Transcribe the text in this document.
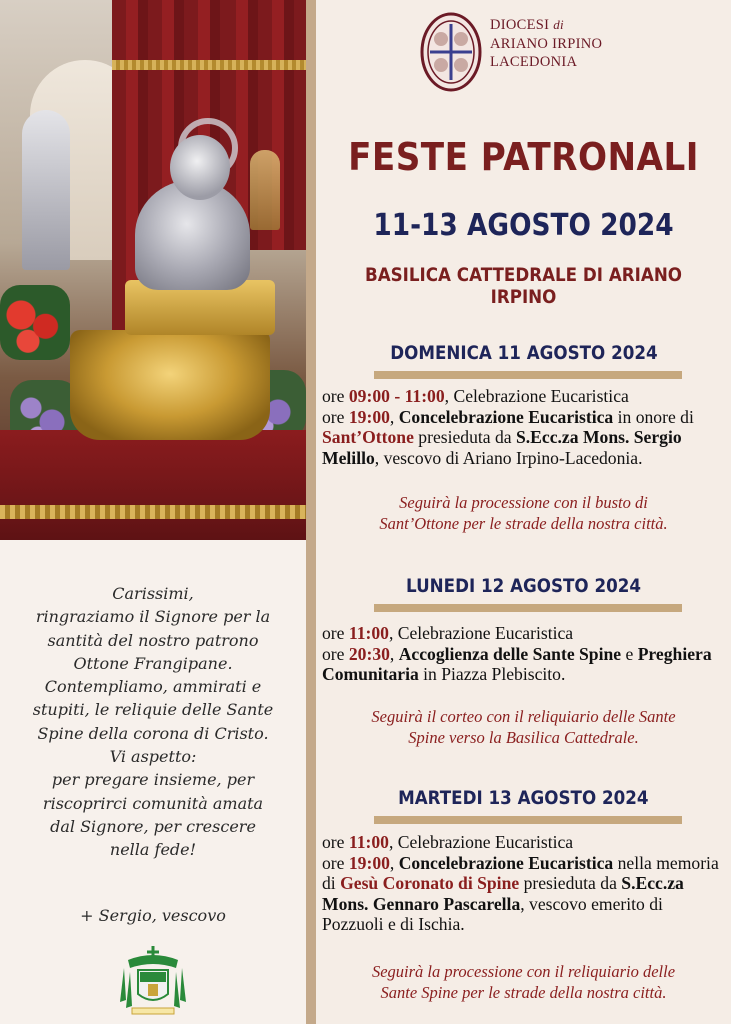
Carissimi,
ringraziamo il Signore per la
santità del nostro patrono
Ottone Frangipane.
Contempliamo, ammirati e
stupiti, le reliquie delle Sante
Spine della corona di Cristo.
Vi aspetto:
per pregare insieme, per
riscoprirci comunità amata
dal Signore, per crescere
nella fede!
+ Sergio, vescovo
DIOCESI di
ARIANO IRPINO
LACEDONIA
FESTE PATRONALI
11-13 AGOSTO 2024
BASILICA CATTEDRALE DI ARIANO IRPINO
DOMENICA 11 AGOSTO 2024
ore 09:00 - 11:00, Celebrazione Eucaristica
ore 19:00, Concelebrazione Eucaristica in onore di Sant’Ottone presieduta da S.Ecc.za Mons. Sergio Melillo, vescovo di Ariano Irpino-Lacedonia.
Seguirà la processione con il busto di
Sant’Ottone per le strade della nostra città.
LUNEDI 12 AGOSTO 2024
ore 11:00, Celebrazione Eucaristica
ore 20:30, Accoglienza delle Sante Spine e Preghiera Comunitaria in Piazza Plebiscito.
Seguirà il corteo con il reliquiario delle Sante
Spine verso la Basilica Cattedrale.
MARTEDI 13 AGOSTO 2024
ore 11:00, Celebrazione Eucaristica
ore 19:00, Concelebrazione Eucaristica nella memoria di Gesù Coronato di Spine presieduta da S.Ecc.za Mons. Gennaro Pascarella, vescovo emerito di Pozzuoli e di Ischia.
Seguirà la processione con il reliquiario delle
Sante Spine per le strade della nostra città.
